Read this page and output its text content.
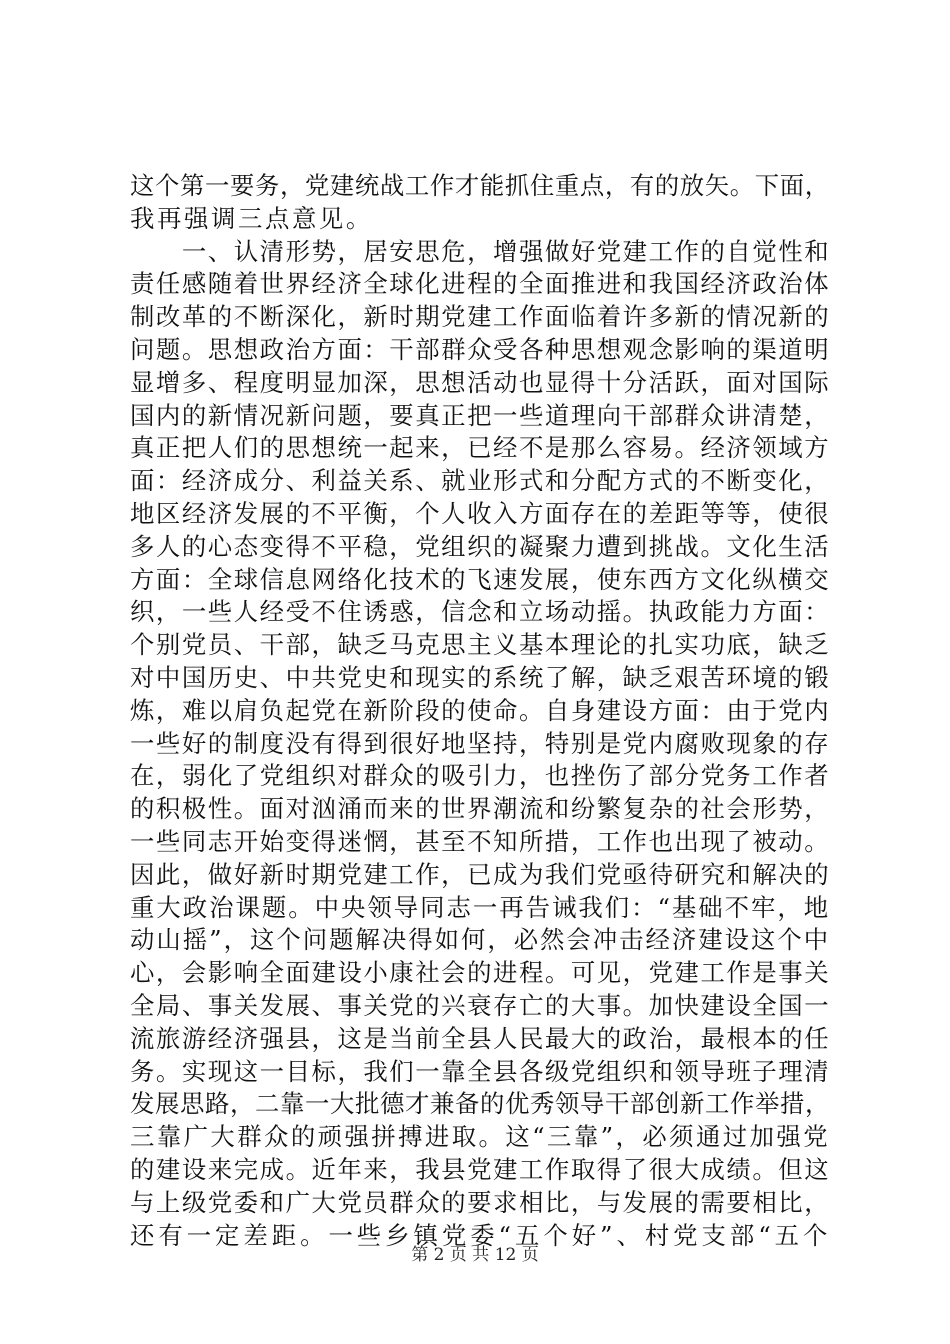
这个第一要务，党建统战工作才能抓住重点，有的放矢。下面，
我再强调三点意见。
　　一、认清形势，居安思危，增强做好党建工作的自觉性和
责任感随着世界经济全球化进程的全面推进和我国经济政治体
制改革的不断深化，新时期党建工作面临着许多新的情况新的
问题。思想政治方面：干部群众受各种思想观念影响的渠道明
显增多、程度明显加深，思想活动也显得十分活跃，面对国际
国内的新情况新问题，要真正把一些道理向干部群众讲清楚，
真正把人们的思想统一起来，已经不是那么容易。经济领域方
面：经济成分、利益关系、就业形式和分配方式的不断变化，
地区经济发展的不平衡，个人收入方面存在的差距等等，使很
多人的心态变得不平稳，党组织的凝聚力遭到挑战。文化生活
方面：全球信息网络化技术的飞速发展，使东西方文化纵横交
织，一些人经受不住诱惑，信念和立场动摇。执政能力方面：
个别党员、干部，缺乏马克思主义基本理论的扎实功底，缺乏
对中国历史、中共党史和现实的系统了解，缺乏艰苦环境的锻
炼，难以肩负起党在新阶段的使命。自身建设方面：由于党内
一些好的制度没有得到很好地坚持，特别是党内腐败现象的存
在，弱化了党组织对群众的吸引力，也挫伤了部分党务工作者
的积极性。面对汹涌而来的世界潮流和纷繁复杂的社会形势，
一些同志开始变得迷惘，甚至不知所措，工作也出现了被动。
因此，做好新时期党建工作，已成为我们党亟待研究和解决的
重大政治课题。中央领导同志一再告诫我们：“基础不牢，地
动山摇”，这个问题解决得如何，必然会冲击经济建设这个中
心，会影响全面建设小康社会的进程。可见，党建工作是事关
全局、事关发展、事关党的兴衰存亡的大事。加快建设全国一
流旅游经济强县，这是当前全县人民最大的政治，最根本的任
务。实现这一目标，我们一靠全县各级党组织和领导班子理清
发展思路，二靠一大批德才兼备的优秀领导干部创新工作举措，
三靠广大群众的顽强拼搏进取。这“三靠”，必须通过加强党
的建设来完成。近年来，我县党建工作取得了很大成绩。但这
与上级党委和广大党员群众的要求相比，与发展的需要相比，
还有一定差距。一些乡镇党委“五个好”、村党支部“五个
第 2 页 共 12 页
